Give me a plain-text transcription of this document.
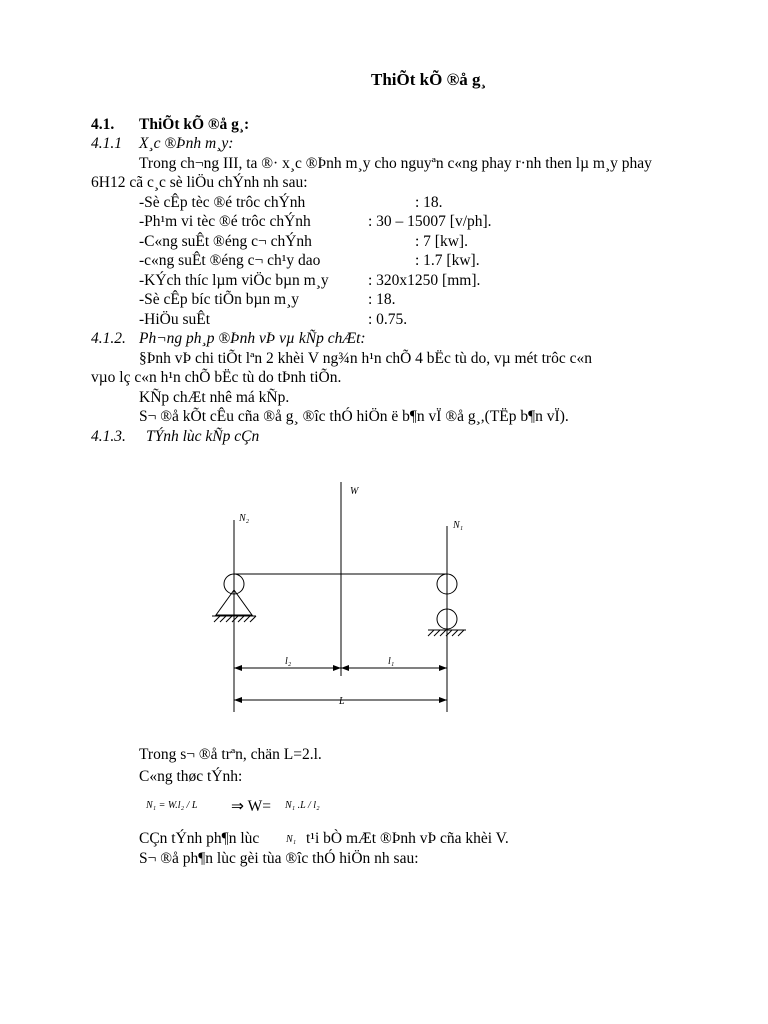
ThiÕt kÕ ®å g¸
4.1. ThiÕt kÕ ®å g¸:
4.1.1 X¸c ®Þnh m¸y:
Trong ch¬ng III, ta ®· x¸c ®Þnh m¸y cho nguyªn c«ng phay r·nh then lµ m¸y phay
6H12 cã c¸c sè liÖu chÝnh nh sau:
-Sè cÊp tèc ®é trôc chÝnh	: 18.
-Ph¹m vi tèc ®é trôc chÝnh	: 30 – 15007 [v/ph].
-C«ng suÊt ®éng c¬ chÝnh	: 7 [kw].
-c«ng suÊt ®éng c¬ ch¹y dao	: 1.7 [kw].
-KÝch thíc lµm viÖc bµn m¸y	: 320x1250 [mm].
-Sè cÊp bíc tiÕn bµn m¸y	: 18.
-HiÖu suÊt	: 0.75.
4.1.2. Ph¬ng ph¸p ®Þnh vÞ vµ kÑp chÆt:
§Þnh vÞ chi tiÕt lªn 2 khèi V ng¾n h¹n chÕ 4 bËc tù do, vµ mét trôc c«n
vµo lç c«n h¹n chÕ bËc tù do tÞnh tiÕn.
KÑp chÆt nhê má kÑp.
S¬ ®å kÕt cÊu cña ®å g¸ ®îc thÓ hiÖn ë b¶n vÏ ®å g¸,(TËp b¶n vÏ).
4.1.3. TÝnh lùc kÑp cÇn
W
N₂
N₁
l₂	l₁
L
Trong s¬ ®å trªn, chän L=2.l.
C«ng thøc tÝnh:
N₁ = W.l₂ / L ⇒ W= N₁ .L / l₂
CÇn tÝnh ph¶n lùc	N₁ t¹i bÒ mÆt ®Þnh vÞ cña khèi V.
S¬ ®å ph¶n lùc gèi tùa ®îc thÓ hiÖn nh sau:
